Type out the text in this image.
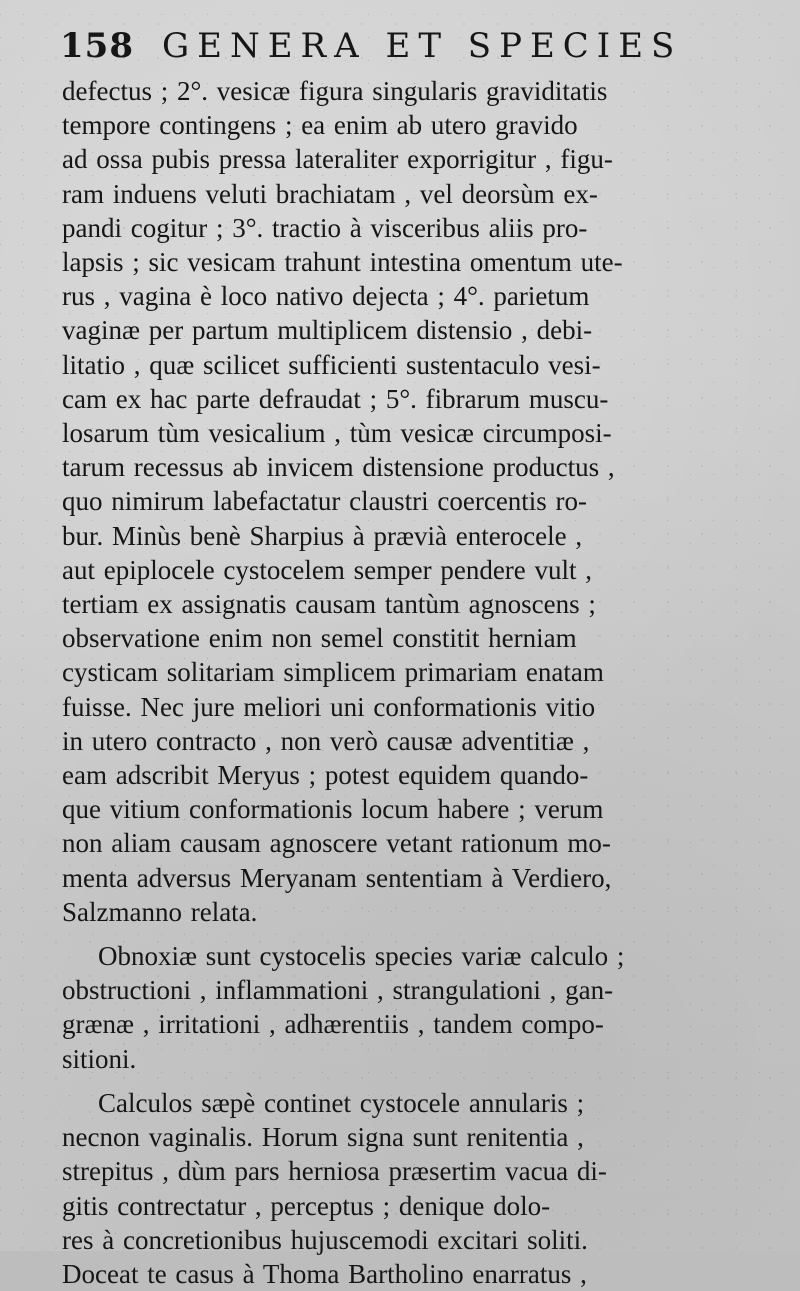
158 GENERA ET SPECIES
defectus ; 2°. vesicæ figura singularis graviditatis
tempore contingens ; ea enim ab utero gravido
ad ossa pubis pressa lateraliter exporrigitur , figu-
ram induens veluti brachiatam , vel deorsùm ex-
pandi cogitur ; 3°. tractio à visceribus aliis pro-
lapsis ; sic vesicam trahunt intestina omentum ute-
rus , vagina è loco nativo dejecta ; 4°. parietum
vaginæ per partum multiplicem distensio , debi-
litatio , quæ scilicet sufficienti sustentaculo vesi-
cam ex hac parte defraudat ; 5°. fibrarum muscu-
losarum tùm vesicalium , tùm vesicæ circumposi-
tarum recessus ab invicem distensione productus ,
quo nimirum labefactatur claustri coercentis ro-
bur. Minùs benè Sharpius à prævià enterocele ,
aut epiplocele cystocelem semper pendere vult ,
tertiam ex assignatis causam tantùm agnoscens ;
observatione enim non semel constitit herniam
cysticam solitariam simplicem primariam enatam
fuisse. Nec jure meliori uni conformationis vitio
in utero contracto , non verò causæ adventitiæ ,
eam adscribit Meryus ; potest equidem quando-
que vitium conformationis locum habere ; verum
non aliam causam agnoscere vetant rationum mo-
menta adversus Meryanam sententiam à Verdiero,
Salzmanno relata.
Obnoxiæ sunt cystocelis species variæ calculo ;
obstructioni , inflammationi , strangulationi , gan-
grænæ , irritationi , adhærentiis , tandem compo-
sitioni.
Calculos sæpè continet cystocele annularis ;
necnon vaginalis. Horum signa sunt renitentia ,
strepitus , dùm pars herniosa præsertim vacua di-
gitis contrectatur , perceptus ; denique dolo-
res à concretionibus hujuscemodi excitari soliti.
Doceat te casus à Thoma Bartholino enarratus ,
